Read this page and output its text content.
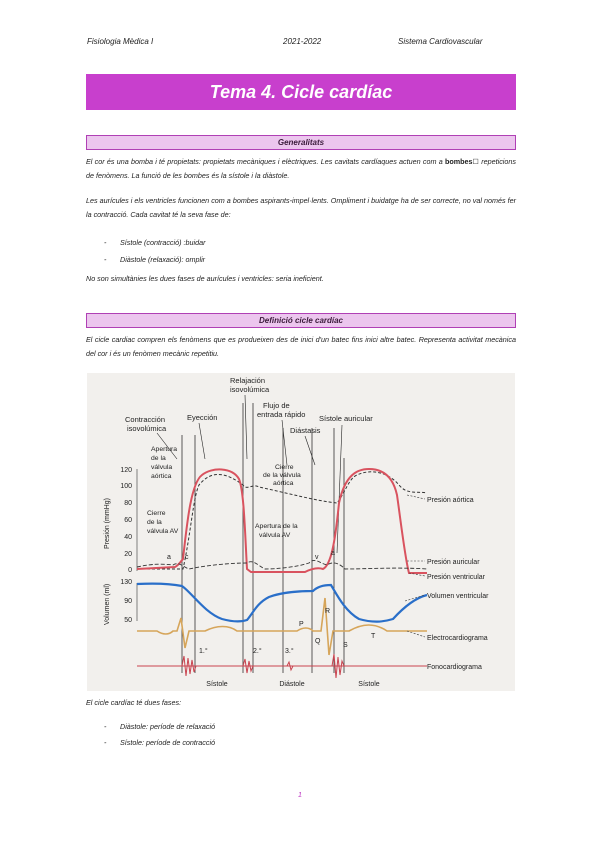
Fisiologia Mèdica I	2021-2022	Sistema Cardiovascular
Tema 4. Cicle cardíac
Generalitats
El cor és una bomba i té propietats: propietats mecàniques i elèctriques. Les cavitats cardíaques actuen com a bombes☐ repeticions de fenòmens. La funció de les bombes és la sístole i la diàstole.
Les aurícules i els ventricles funcionen com a bombes aspirants-impel·lents. Ompliment i buidatge ha de ser correcte, no val només fer la contracció. Cada cavitat té la seva fase de:
- Sístole (contracció) :buidar
- Diàstole (relaxació): omplir
No son simultànies les dues fases de aurícules i ventricles: seria ineficient.
Definició cicle cardíac
El cicle cardiac compren els fenòmens que es produeixen des de inici d'un batec fins inici altre batec. Representa activitat mecànica del cor i és un fenòmen mecànic repetitiu.
Contracción
isovolúmica
Eyección
Relajación
isovolúmica
Flujo de
entrada rápido
Diástasis
Sístole auricular
Apertura
de la
válvula
aórtica
Cierre
de la válvula
aórtica
Cierre
de la
válvula AV
Apertura de la
válvula AV
120
100
80
60
40
20
0
130
90
50
Presión (mmHg)
Volumen (ml)
a c	v
a
P
R
Q
S
T
1.°	2.°	3.°
Presión aórtica
Presión auricular
Presión ventricular
Volumen ventricular
Electrocardiograma
Fonocardiograma
Sístole	Diástole	Sístole
El cicle cardíac té dues fases:
- Diàstole: període de relaxació
- Sístole: període de contracció
1
